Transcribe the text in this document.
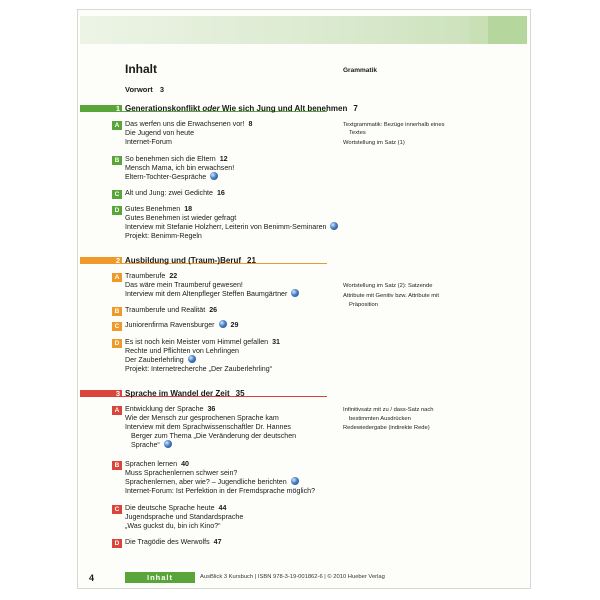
Inhalt	Grammatik
Vorwort 3
1 Generationskonflikt oder Wie sich Jung und Alt benehmen 7
A Das werfen uns die Erwachsenen vor! 8
Die Jugend von heute
Internet-Forum
B So benehmen sich die Eltern 12
Mensch Mama, ich bin erwachsen!
Eltern-Tochter-Gespräche
C Alt und Jung: zwei Gedichte 16
D Gutes Benehmen 18
Gutes Benehmen ist wieder gefragt
Interview mit Stefanie Holzherr, Leiterin von Benimm-Seminaren
Projekt: Benimm-Regeln
Textgrammatik: Bezüge innerhalb eines
Textes
Wortstellung im Satz (1)
2 Ausbildung und (Traum-)Beruf 21
A Traumberufe 22
Das wäre mein Traumberuf gewesen!
Interview mit dem Altenpfleger Steffen Baumgärtner
B Traumberufe und Realität 26
C Juniorenfirma Ravensburger 29
D Es ist noch kein Meister vom Himmel gefallen 31
Rechte und Pflichten von Lehrlingen
Der Zauberlehrling
Projekt: Internetrecherche „Der Zauberlehrling“
Wortstellung im Satz (2): Satzende
Attribute mit Genitiv bzw. Attribute mit
Präposition
3 Sprache im Wandel der Zeit 35
A Entwicklung der Sprache 36
Wie der Mensch zur gesprochenen Sprache kam
Interview mit dem Sprachwissenschaftler Dr. Hannes
Berger zum Thema „Die Veränderung der deutschen
Sprache“
B Sprachen lernen 40
Muss Sprachenlernen schwer sein?
Sprachenlernen, aber wie? – Jugendliche berichten
Internet-Forum: Ist Perfektion in der Fremdsprache möglich?
C Die deutsche Sprache heute 44
Jugendsprache und Standardsprache
„Was guckst du, bin ich Kino?“
D Die Tragödie des Werwolfs 47
Infinitivsatz mit zu / dass-Satz nach
bestimmten Ausdrücken
Redewiedergabe (indirekte Rede)
4	Inhalt	AusBlick 3 Kursbuch | ISBN 978-3-19-001862-6 | © 2010 Hueber Verlag
